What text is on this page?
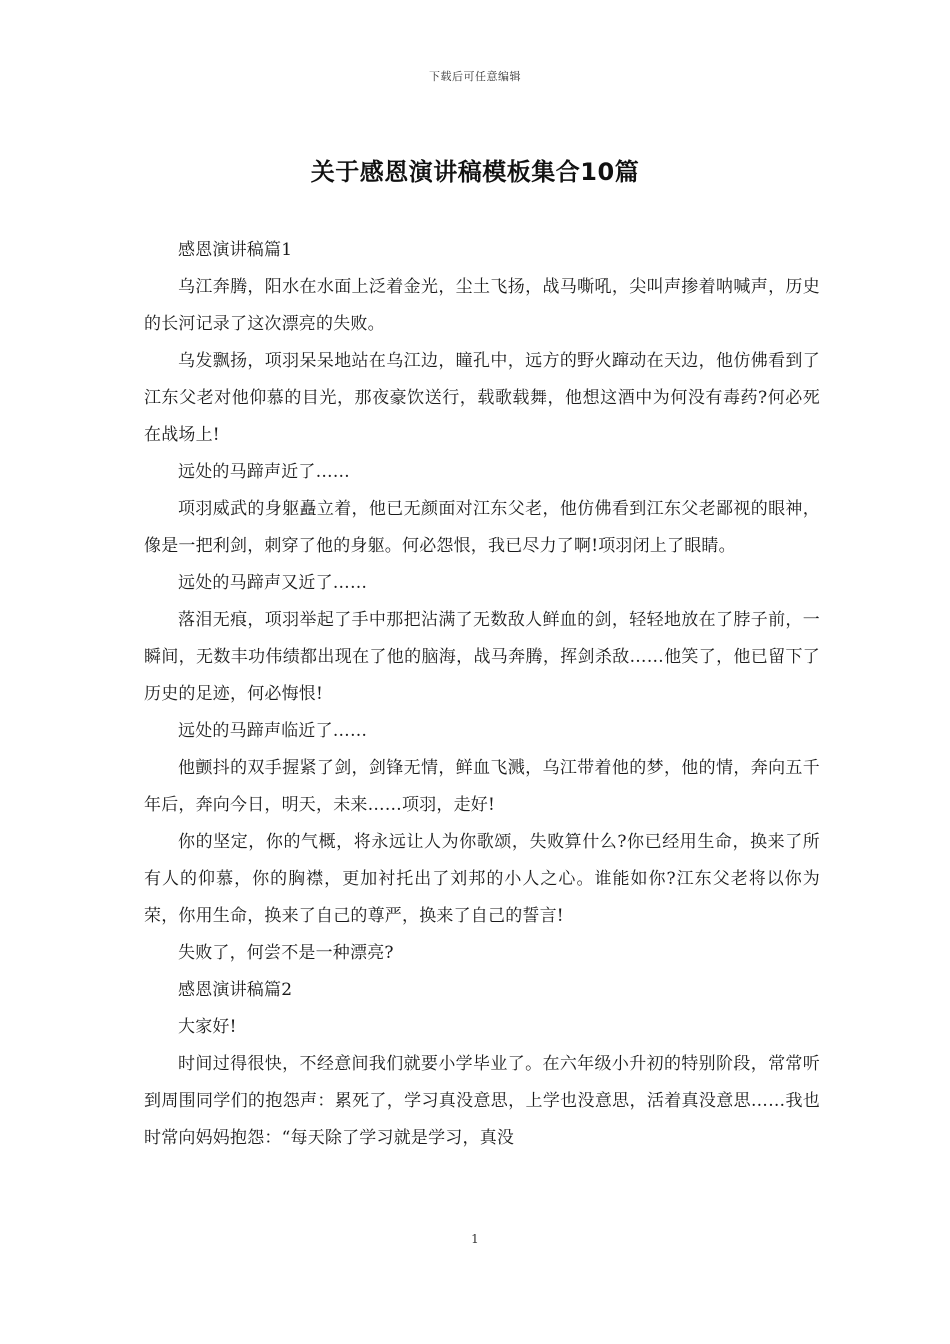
下载后可任意编辑
关于感恩演讲稿模板集合10篇

感恩演讲稿篇1

乌江奔腾，阳水在水面上泛着金光，尘土飞扬，战马嘶吼，尖叫声掺着呐喊声，历史的长河记录了这次漂亮的失败。

乌发飘扬，项羽呆呆地站在乌江边，瞳孔中，远方的野火蹿动在天边，他仿佛看到了江东父老对他仰慕的目光，那夜豪饮送行，载歌载舞，他想这酒中为何没有毒药?何必死在战场上!

远处的马蹄声近了……

项羽威武的身躯矗立着，他已无颜面对江东父老，他仿佛看到江东父老鄙视的眼神，像是一把利剑，刺穿了他的身躯。何必怨恨，我已尽力了啊!项羽闭上了眼睛。

远处的马蹄声又近了……

落泪无痕，项羽举起了手中那把沾满了无数敌人鲜血的剑，轻轻地放在了脖子前，一瞬间，无数丰功伟绩都出现在了他的脑海，战马奔腾，挥剑杀敌……他笑了，他已留下了历史的足迹，何必悔恨!

远处的马蹄声临近了……

他颤抖的双手握紧了剑，剑锋无情，鲜血飞溅，乌江带着他的梦，他的情，奔向五千年后，奔向今日，明天，未来……项羽，走好!

你的坚定，你的气概，将永远让人为你歌颂，失败算什么?你已经用生命，换来了所有人的仰慕，你的胸襟，更加衬托出了刘邦的小人之心。谁能如你?江东父老将以你为荣，你用生命，换来了自己的尊严，换来了自己的誓言!

失败了，何尝不是一种漂亮?

感恩演讲稿篇2

大家好!

时间过得很快，不经意间我们就要小学毕业了。在六年级小升初的特别阶段，常常听到周围同学们的抱怨声：累死了，学习真没意思，上学也没意思，活着真没意思……我也时常向妈妈抱怨：“每天除了学习就是学习，真没

1
